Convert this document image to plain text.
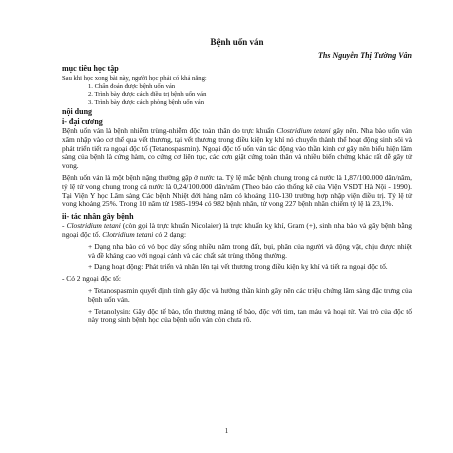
Bệnh uốn ván
Ths Nguyễn Thị Tường Vân
mục tiêu học tập
Sau khi học xong bài này, người học phải có khả năng:
1. Chẩn đoán được bệnh uốn ván
2. Trình bày được cách điều trị bệnh uốn ván
3. Trình bày được cách phòng bệnh uốn ván
nội dung
i- đại cương

Bệnh uốn ván là bệnh nhiễm trùng-nhiễm độc toàn thân do trực khuẩn Clostridium tetani gây nên. Nha bào uốn ván xâm nhập vào cơ thể qua vết thương, tại vết thương trong điều kiện kỵ khí nó chuyển thành thể hoạt động sinh sôi và phát triển tiết ra ngoại độc tố (Tetanospasmin). Ngoại độc tố uốn ván tác động vào thần kinh cơ gây nên biểu hiện lâm sàng của bệnh là cứng hàm, co cứng cơ liên tục, các cơn giật cứng toàn thân và nhiều biến chứng khác rất dễ gây tử vong.

Bệnh uốn ván là một bệnh nặng thường gặp ở nước ta. Tỷ lệ mắc bệnh chung trong cả nước là 1,87/100.000 dân/năm, tỷ lệ tử vong chung trong cả nước là 0,24/100.000 dân/năm (Theo báo cáo thống kê của Viện VSDT Hà Nội - 1990). Tại Viện Y học Lâm sàng Các bệnh Nhiệt đới hàng năm có khoảng 110-130 trường hợp nhập viện điều trị. Tỷ lệ tử vong khoảng 25%. Trong 10 năm từ 1985-1994 có 982 bệnh nhân, tử vong 227 bệnh nhân chiếm tỷ lệ là 23,1%.

ii- tác nhân gây bệnh

- Clostridium tetani (còn gọi là trực khuẩn Nicolaier) là trực khuẩn kỵ khí, Gram (+), sinh nha bào và gây bệnh bằng ngoại độc tố. Clotridium tetani có 2 dạng:

+ Dạng nha bào có vỏ bọc dày sống nhiều năm trong đất, bụi, phân của người và động vật, chịu được nhiệt và đề kháng cao với ngoại cảnh và các chất sát trùng thông thường.

+ Dạng hoạt động: Phát triển và nhân lên tại vết thương trong điều kiện kỵ khí và tiết ra ngoại độc tố.

- Có 2 ngoại độc tố:

+ Tetanospasmin quyết định tính gây độc và hướng thần kinh gây nên các triệu chứng lâm sàng đặc trưng của bệnh uốn ván.

+ Tetanolysin: Gây độc tế bào, tổn thương màng tế bào, độc với tim, tan máu và hoại tử. Vai trò của độc tố này trong sinh bệnh học của bệnh uốn ván còn chưa rõ.

1
